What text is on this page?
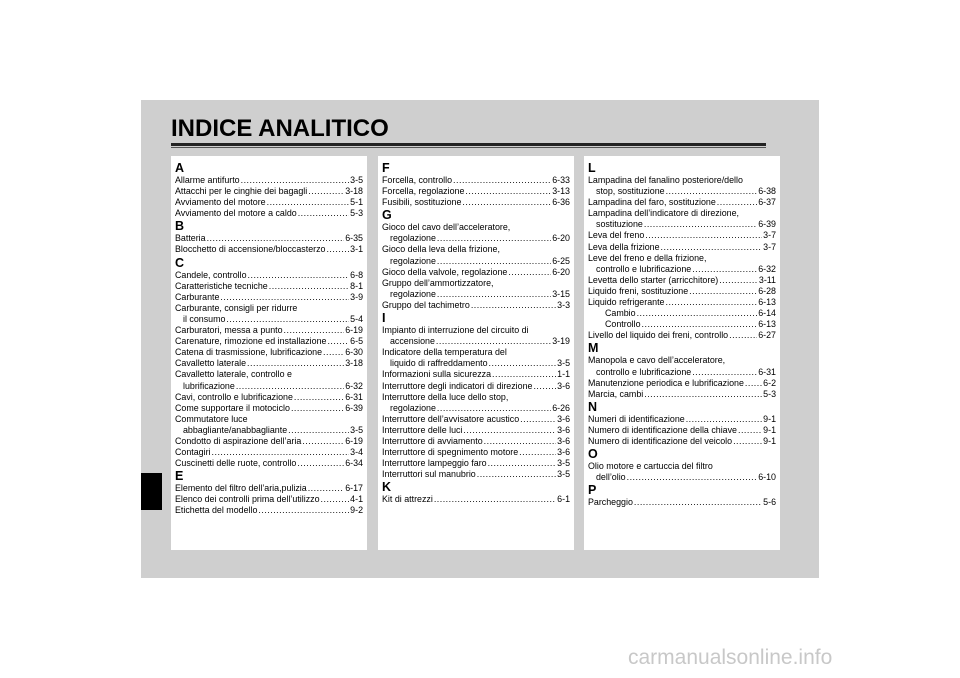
INDICE ANALITICO
A
Allarme antifurto .....	3-5
Attacchi per le cinghie dei bagagli .....	3-18
Avviamento del motore .....	5-1
Avviamento del motore a caldo .....	5-3
B
Batteria .....	6-35
Blocchetto di accensione/bloccasterzo .....	3-1
C
Candele, controllo .....	6-8
Caratteristiche tecniche .....	8-1
Carburante .....	3-9
Carburante, consigli per ridurre
il consumo .....	5-4
Carburatori, messa a punto .....	6-19
Carenature, rimozione ed installazione .....	6-5
Catena di trasmissione, lubrificazione .....	6-30
Cavalletto laterale .....	3-18
Cavalletto laterale, controllo e
lubrificazione .....	6-32
Cavi, controllo e lubrificazione .....	6-31
Come supportare il motociclo .....	6-39
Commutatore luce
abbagliante/anabbagliante .....	3-5
Condotto di aspirazione dell’aria .....	6-19
Contagiri .....	3-4
Cuscinetti delle ruote, controllo .....	6-34
E
Elemento del filtro dell’aria,pulizia .....	6-17
Elenco dei controlli prima dell’utilizzo .....	4-1
Etichetta del modello .....	9-2
F
Forcella, controllo .....	6-33
Forcella, regolazione .....	3-13
Fusibili, sostituzione .....	6-36
G
Gioco del cavo dell’acceleratore,
regolazione .....	6-20
Gioco della leva della frizione,
regolazione .....	6-25
Gioco della valvole, regolazione .....	6-20
Gruppo dell’ammortizzatore,
regolazione .....	3-15
Gruppo del tachimetro .....	3-3
I
Impianto di interruzione del circuito di
accensione .....	3-19
Indicatore della temperatura del
liquido di raffreddamento .....	3-5
Informazioni sulla sicurezza .....	1-1
Interruttore degli indicatori di direzione .....	3-6
Interruttore della luce dello stop,
regolazione .....	6-26
Interruttore dell’avvisatore acustico .....	3-6
Interruttore delle luci .....	3-6
Interruttore di avviamento .....	3-6
Interruttore di spegnimento motore .....	3-6
Interruttore lampeggio faro .....	3-5
Interruttori sul manubrio .....	3-5
K
Kit di attrezzi .....	6-1
L
Lampadina del fanalino posteriore/dello
stop, sostituzione .....	6-38
Lampadina del faro, sostituzione .....	6-37
Lampadina dell’indicatore di direzione,
sostituzione .....	6-39
Leva del freno .....	3-7
Leva della frizione .....	3-7
Leve del freno e della frizione,
controllo e lubrificazione .....	6-32
Levetta dello starter (arricchitore) .....	3-11
Liquido freni, sostituzione .....	6-28
Liquido refrigerante .....	6-13
Cambio .....	6-14
Controllo .....	6-13
Livello del liquido dei freni, controllo .....	6-27
M
Manopola e cavo dell’acceleratore,
controllo e lubrificazione .....	6-31
Manutenzione periodica e lubrificazione ..... 6-2
Marcia, cambi .....	5-3
N
Numeri di identificazione .....	9-1
Numero di identificazione della chiave .....	9-1
Numero di identificazione del veicolo .....	9-1
O
Olio motore e cartuccia del filtro
dell’olio .....	6-10
P
Parcheggio .....	5-6
carmanualsonline.info
